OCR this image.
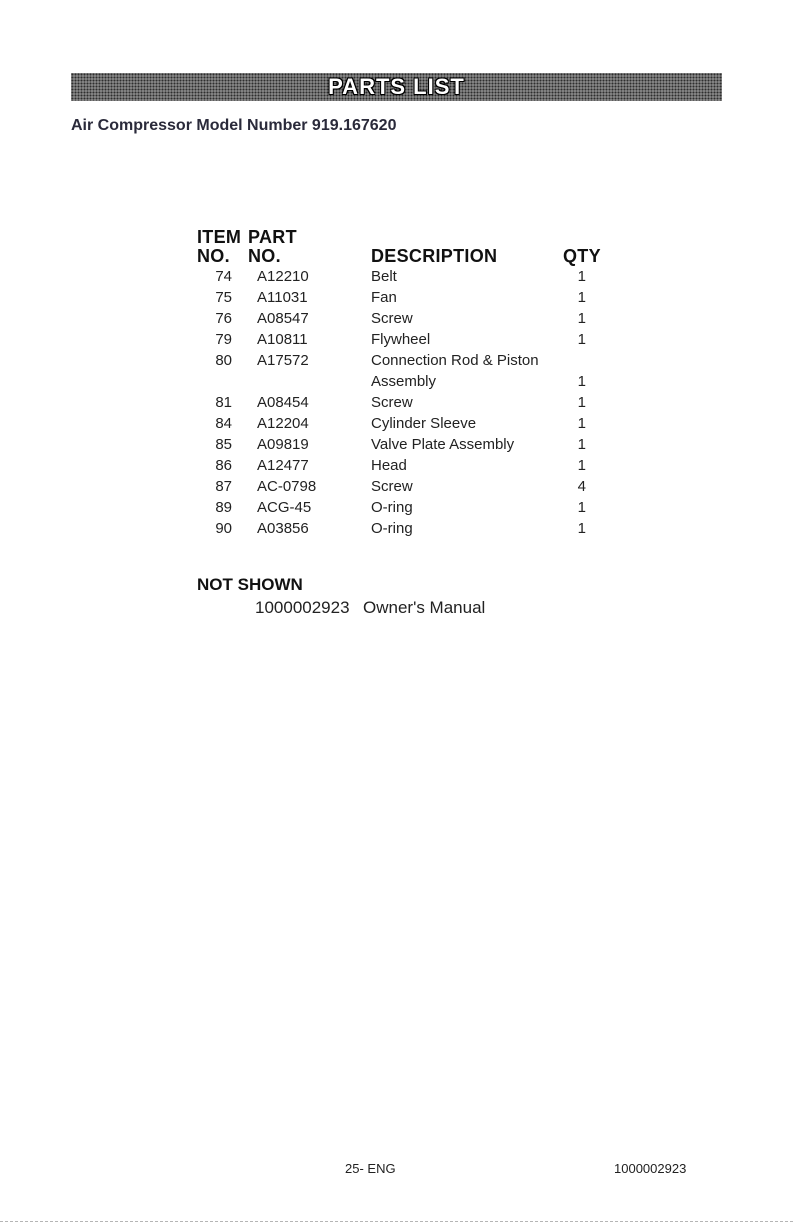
PARTS LIST
Air Compressor Model Number 919.167620
ITEM PART
NO. NO.	DESCRIPTION	QTY
74 A12210	Belt	1
75 A11031	Fan	1
76 A08547	Screw	1
79 A10811	Flywheel	1
80 A17572	Connection Rod & Piston
Assembly	1
81 A08454	Screw	1
84 A12204	Cylinder Sleeve	1
85 A09819	Valve Plate Assembly	1
86 A12477	Head	1
87 AC-0798	Screw	4
89 ACG-45	O-ring	1
90 A03856	O-ring	1
NOT SHOWN
1000002923 Owner's Manual
25- ENG	1000002923
